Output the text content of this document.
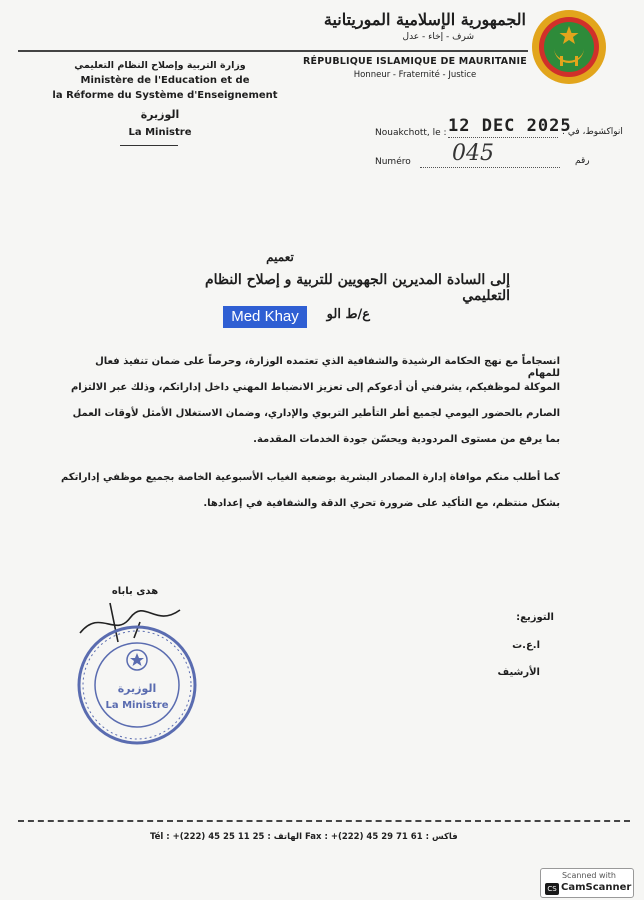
الجمهورية الإسلامية الموريتانية
شرف - إخاء - عدل
RÉPUBLIQUE ISLAMIQUE DE MAURITANIE
Honneur - Fraternité - Justice
وزارة التربية وإصلاح النظام التعليمي
Ministère de l'Education et de
la Réforme du Système d'Enseignement
الوزيرة
La Ministre	Nouakchott, le : 12 DEC 2025
انواكشوط، في :
Numéro 045	رقم
تعميم
إلى السادة المديرين الجهويين للتربية و إصلاح النظام التعليمي
ع/ط الو
Med Khay
انسجاماً مع نهج الحكامة الرشيدة والشفافية الذي تعتمده الوزارة، وحرصاً على ضمان تنفيذ فعال للمهام
الموكلة لموظفيكم، يشرفني أن أدعوكم إلى تعزيز الانضباط المهني داخل إداراتكم، وذلك عبر الالتزام
الصارم بالحضور اليومي لجميع أطر التأطير التربوي والإداري، وضمان الاستغلال الأمثل لأوقات العمل
بما يرفع من مستوى المردودية ويحسّن جودة الخدمات المقدمة.
كما أطلب منكم موافاة إدارة المصادر البشرية بوضعية الغياب الأسبوعية الخاصة بجميع موظفي إداراتكم
بشكل منتظم، مع التأكيد على ضرورة تحري الدقة والشفافية في إعدادها.
هدى باباه
الوزيرة
La Ministre
التوزيع:
ا.ع.ت
الأرشيف
Tél : +(222) 45 25 11 25 : الهاتف Fax : +(222) 45 29 71 61 : فاكس
Scanned with
CS CamScanner
